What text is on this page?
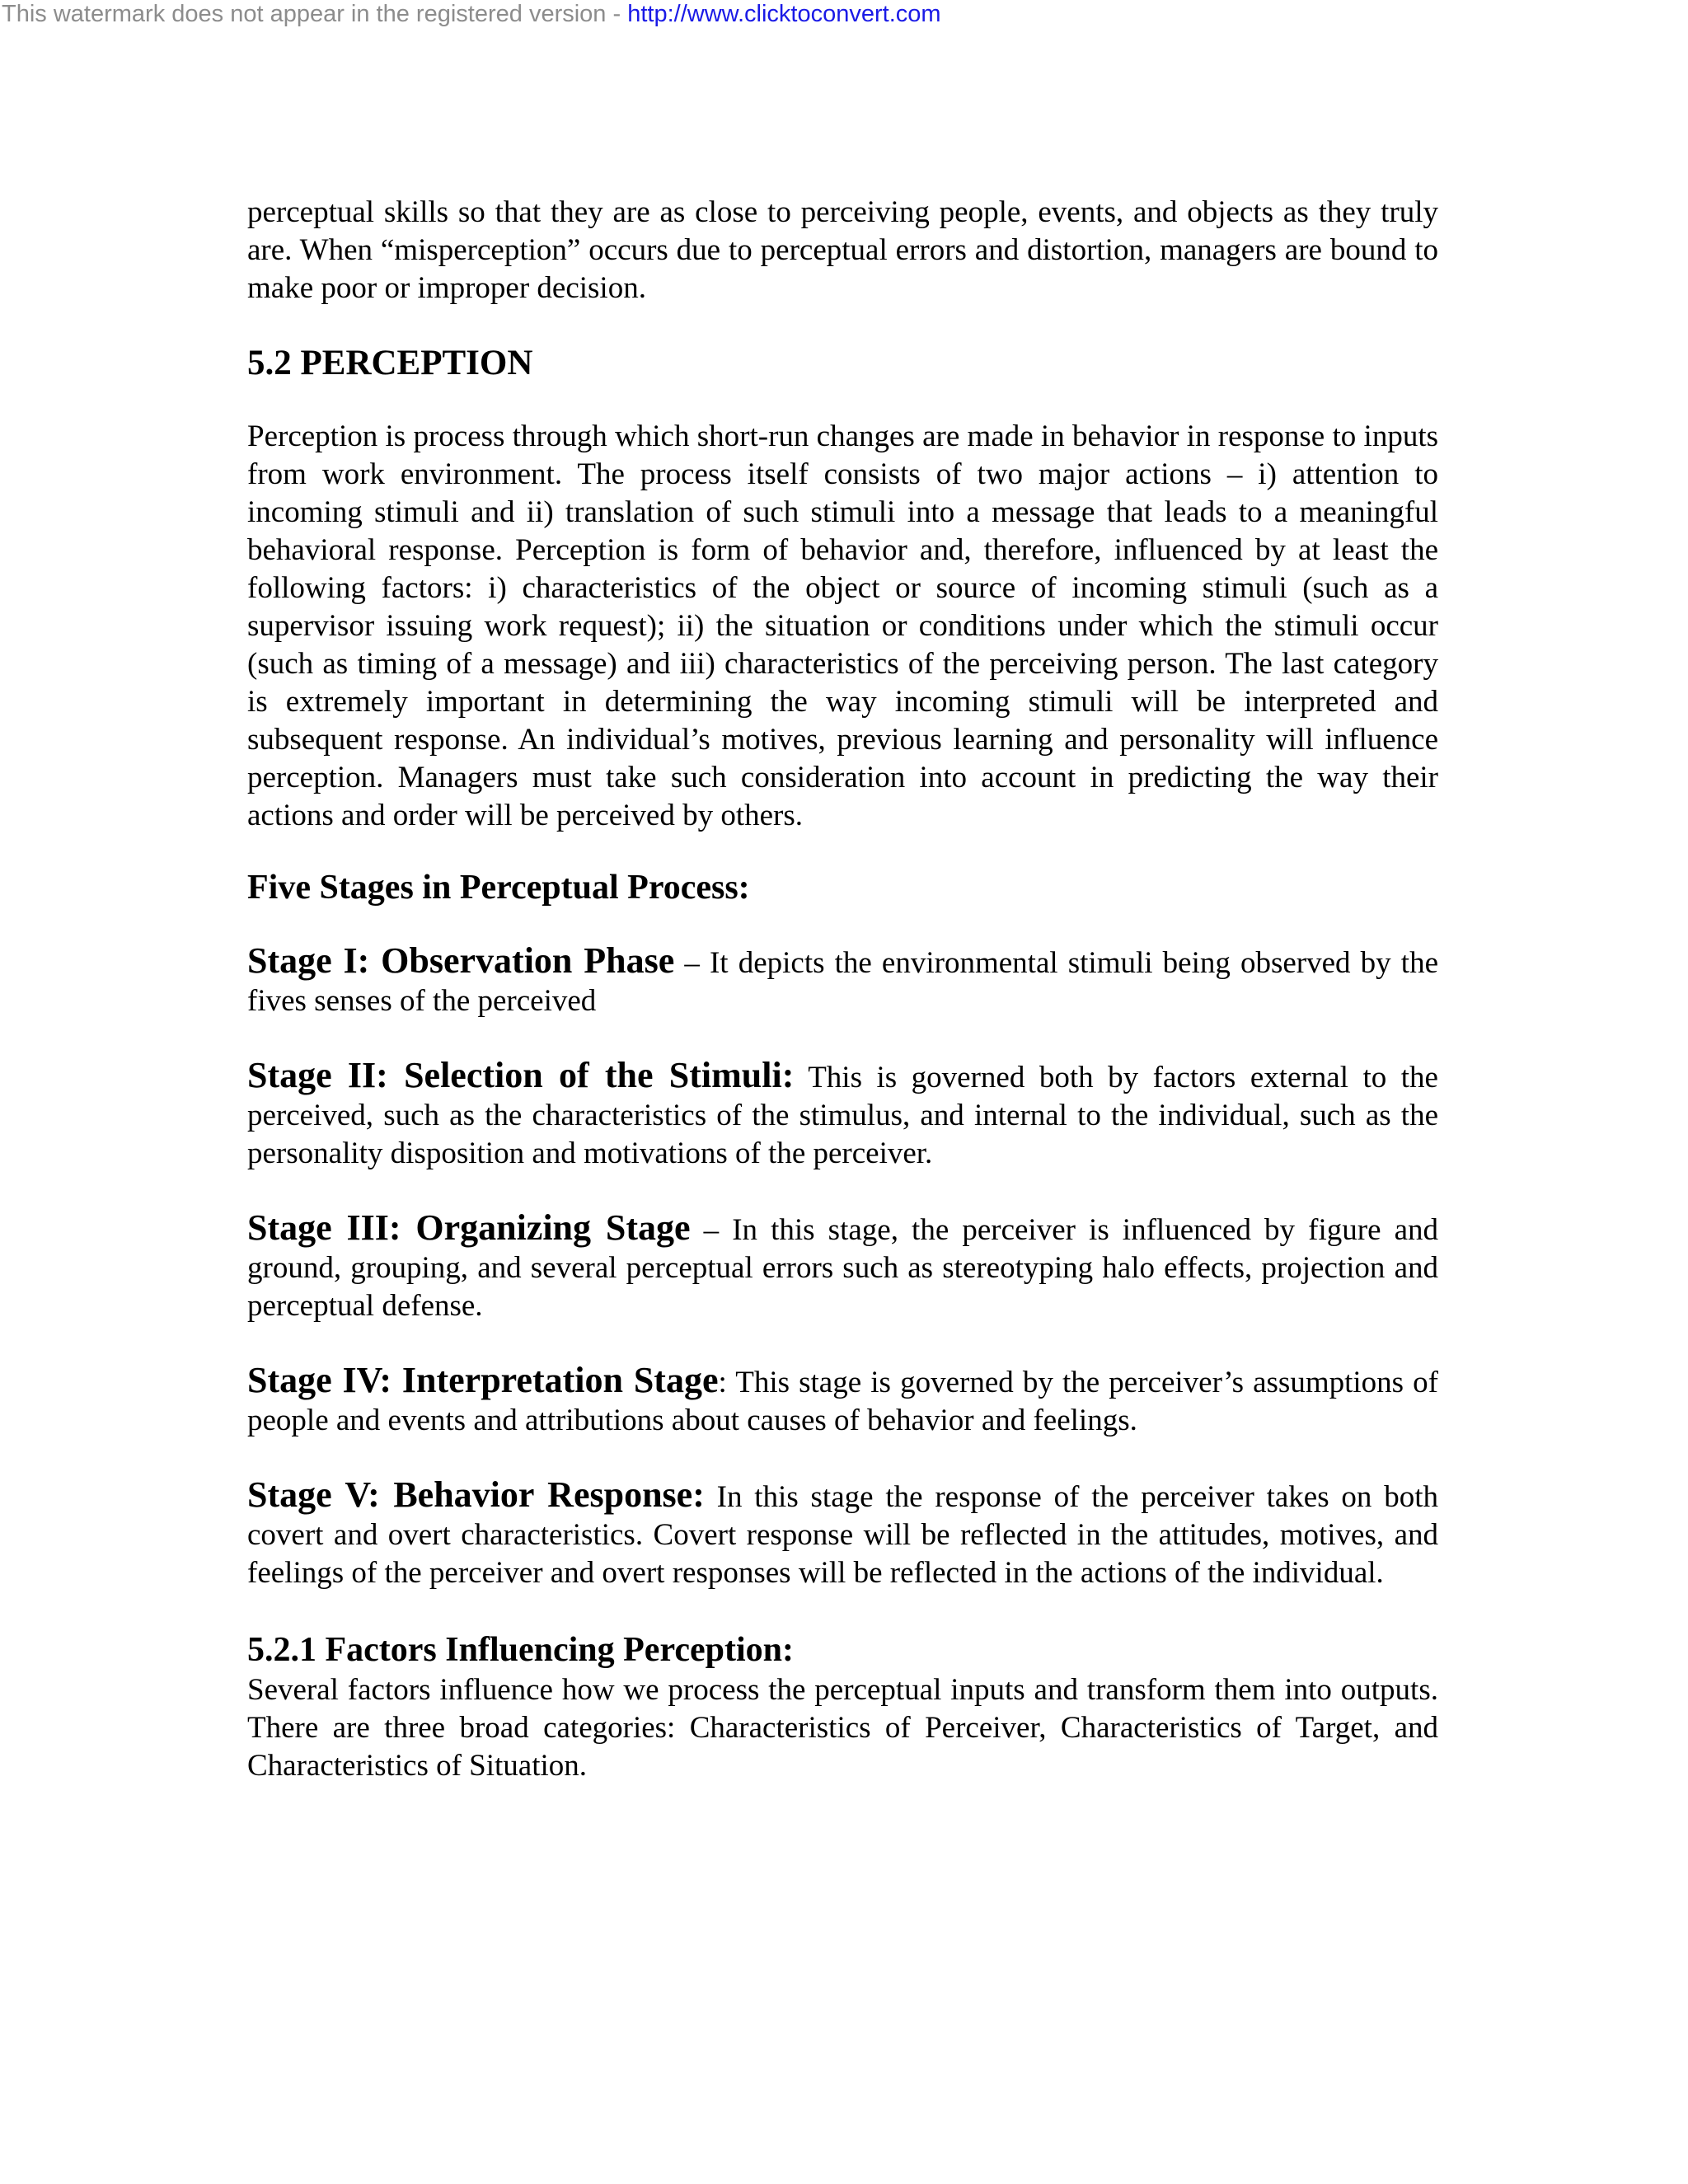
This watermark does not appear in the registered version - http://www.clicktoconvert.com

perceptual skills so that they are as close to perceiving people, events, and objects as they truly are. When “misperception” occurs due to perceptual errors and distortion, managers are bound to make poor or improper decision.

5.2 PERCEPTION

Perception is process through which short-run changes are made in behavior in response to inputs from work environment. The process itself consists of two major actions – i) attention to incoming stimuli and ii) translation of such stimuli into a message that leads to a meaningful behavioral response. Perception is form of behavior and, therefore, influenced by at least the following factors: i) characteristics of the object or source of incoming stimuli (such as a supervisor issuing work request); ii) the situation or conditions under which the stimuli occur (such as timing of a message) and iii) characteristics of the perceiving person. The last category is extremely important in determining the way incoming stimuli will be interpreted and subsequent response. An individual’s motives, previous learning and personality will influence perception. Managers must take such consideration into account in predicting the way their actions and order will be perceived by others.

Five Stages in Perceptual Process:

Stage I: Observation Phase – It depicts the environmental stimuli being observed by the fives senses of the perceived

Stage II: Selection of the Stimuli: This is governed both by factors external to the perceived, such as the characteristics of the stimulus, and internal to the individual, such as the personality disposition and motivations of the perceiver.

Stage III: Organizing Stage – In this stage, the perceiver is influenced by figure and ground, grouping, and several perceptual errors such as stereotyping halo effects, projection and perceptual defense.

Stage IV: Interpretation Stage: This stage is governed by the perceiver’s assumptions of people and events and attributions about causes of behavior and feelings.

Stage V: Behavior Response: In this stage the response of the perceiver takes on both covert and overt characteristics. Covert response will be reflected in the attitudes, motives, and feelings of the perceiver and overt responses will be reflected in the actions of the individual.

5.2.1 Factors Influencing Perception:

Several factors influence how we process the perceptual inputs and transform them into outputs. There are three broad categories: Characteristics of Perceiver, Characteristics of Target, and Characteristics of Situation.
